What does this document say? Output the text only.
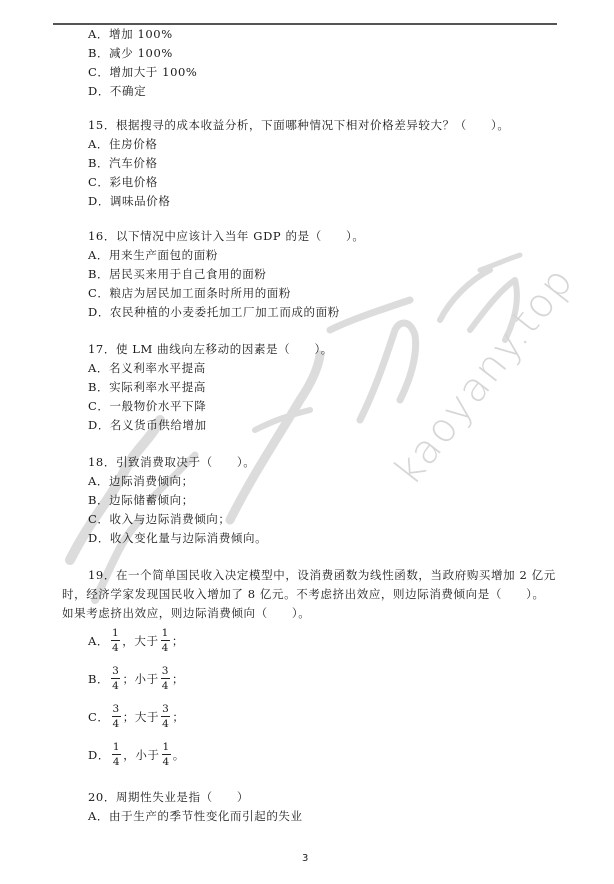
kaoyany.top
A．增加 100%
B．减少 100%
C．增加大于 100%
D．不确定
15．根据搜寻的成本收益分析，下面哪种情况下相对价格差异较大？（　　）。
A．住房价格
B．汽车价格
C．彩电价格
D．调味品价格
16．以下情况中应该计入当年 GDP 的是（　　）。
A．用来生产面包的面粉
B．居民买来用于自己食用的面粉
C．粮店为居民加工面条时所用的面粉
D．农民种植的小麦委托加工厂加工而成的面粉
17．使 LM 曲线向左移动的因素是（　　）。
A．名义利率水平提高
B．实际利率水平提高
C．一般物价水平下降
D．名义货币供给增加
18．引致消费取决于（　　）。
A．边际消费倾向；
B．边际储蓄倾向；
C．收入与边际消费倾向；
D．收入变化量与边际消费倾向。
19．在一个简单国民收入决定模型中，设消费函数为线性函数，当政府购买增加 2 亿元
时，经济学家发现国民收入增加了 8 亿元。不考虑挤出效应，则边际消费倾向是（　　）。
如果考虑挤出效应，则边际消费倾向（　　）。
A． $\frac{1}{4}$ ， 大于 $\frac{1}{4}$ ；
B． $\frac{3}{4}$ ； 小于 $\frac{3}{4}$ ；
C． $\frac{3}{4}$ ； 大于 $\frac{3}{4}$ ；
D． $\frac{1}{4}$ ， 小于 $\frac{1}{4}$ 。
20．周期性失业是指（　　）
A．由于生产的季节性变化而引起的失业
3
